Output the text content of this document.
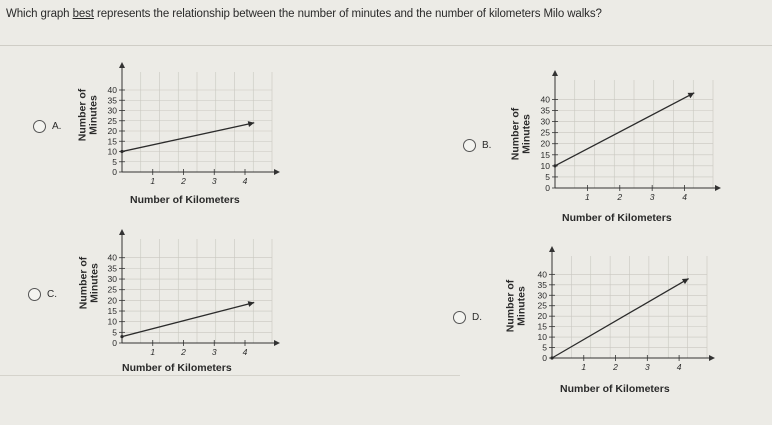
Which graph best represents the relationship between the number of minutes and the number of kilometers Milo walks?
A. Number of
Minutes
40
35
30
25
20
15
10
5
0
1	2	3	4
Number of Kilometers
B. Number of
Minutes
40
35
30
25
20
15
10
5
0
1	2	3	4
Number of Kilometers
C. Number of
Minutes
40
35
30
25
20
15
10
5
0
1	2	3	4
Number of Kilometers
D. Number of
Minutes
40
35
30
25
20
15
10
5
0
1	2	3	4
Number of Kilometers
